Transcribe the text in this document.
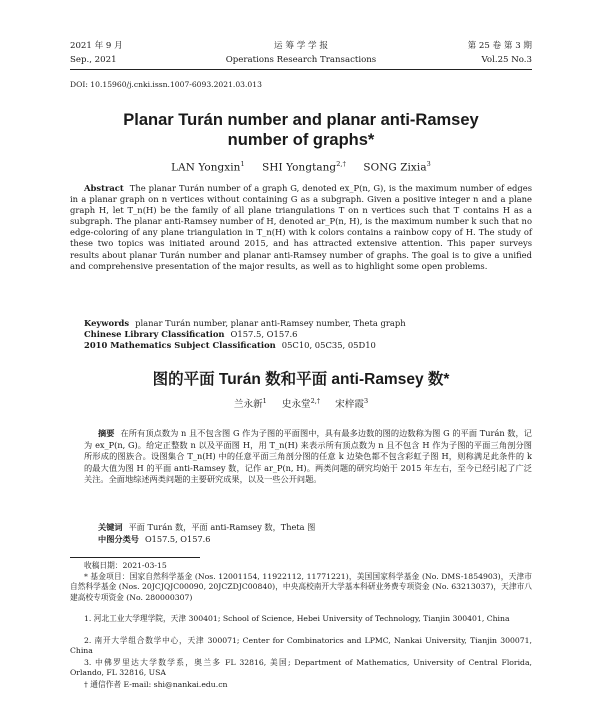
2021 年 9 月	运 筹 学 学 报	第 25 卷 第 3 期
Sep., 2021	Operations Research Transactions	Vol.25 No.3
DOI: 10.15960/j.cnki.issn.1007-6093.2021.03.013
Planar Turán number and planar anti-Ramsey
number of graphs*
LAN Yongxin$^1$ SHI Yongtang$^{2,\dagger}$ SONG Zixia$^3$
Abstract The planar Turán number of a graph G, denoted ex_P(n, G), is the maximum number of edges in a planar graph on n vertices without containing G as a subgraph. Given a positive integer n and a plane graph H, let T_n(H) be the family of all plane triangulations T on n vertices such that T contains H as a subgraph. The planar anti-Ramsey number of H, denoted ar_P(n, H), is the maximum number k such that no edge-coloring of any plane triangulation in T_n(H) with k colors contains a rainbow copy of H. The study of these two topics was initiated around 2015, and has attracted extensive attention. This paper surveys results about planar Turán number and planar anti-Ramsey number of graphs. The goal is to give a unified and comprehensive presentation of the major results, as well as to highlight some open problems.
Keywords planar Turán number, planar anti-Ramsey number, Theta graph
Chinese Library Classification O157.5, O157.6
2010 Mathematics Subject Classification 05C10, 05C35, 05D10
图的平面 Turán 数和平面 anti-Ramsey 数*
兰永新$^1$ 史永堂$^{2,\dagger}$ 宋梓霞$^3$
摘要 在所有顶点数为 n 且不包含图 G 作为子图的平面图中，具有最多边数的图的边数称为图 G 的平面 Turán 数，记为 ex_P(n, G)。给定正整数 n 以及平面图 H，用 T_n(H) 来表示所有顶点数为 n 且不包含 H 作为子图的平面三角剖分图所形成的图族合。设图集合 T_n(H) 中的任意平面三角剖分图的任意 k 边染色都不包含彩虹子图 H，则称满足此条件的 k 的最大值为图 H 的平面 anti-Ramsey 数，记作 ar_P(n, H)。两类问题的研究均始于 2015 年左右，至今已经引起了广泛关注。全面地综述两类问题的主要研究成果，以及一些公开问题。
关键词 平面 Turán 数，平面 anti-Ramsey 数，Theta 图
中图分类号 O157.5, O157.6
收稿日期：2021-03-15
* 基金项目：国家自然科学基金 (Nos. 12001154, 11922112, 11771221)，美国国家科学基金 (No. DMS-1854903)，天津市自然科学基金 (Nos. 20JCJQJC00090, 20JCZDJC00840)，中央高校南开大学基本科研业务费专项资金 (No. 63213037)，天津市八建高校专项资金 (No. 280000307)
1. 河北工业大学理学院，天津 300401; School of Science, Hebei University of Technology, Tianjin 300401, China
2. 南开大学组合数学中心，天津 300071; Center for Combinatorics and LPMC, Nankai University, Tianjin 300071, China
3. 中佛罗里达大学数学系，奥兰多 FL 32816, 美国; Department of Mathematics, University of Central Florida, Orlando, FL 32816, USA
† 通信作者 E-mail: shi@nankai.edu.cn
